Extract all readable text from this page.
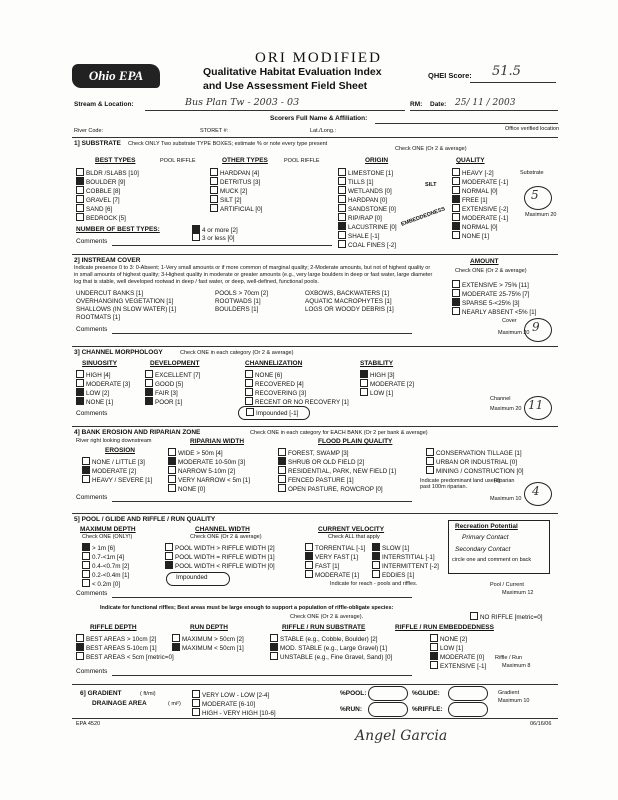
ORI MODIFIED
Ohio EPA	Qualitative Habitat Evaluation Index
and Use Assessment Field Sheet
QHEI Score: 51.5
Stream & Location:	Bus Plan Tw - 2003 - 03	RM: Date: 25/ 11 / 2003
Scorers Full Name & Affiliation:
River Code:	STORET #:	Lat./Long.:	Office verified location
1] SUBSTRATE Check ONLY Two substrate TYPE BOXES; estimate % or note every type present
BEST TYPES	POOL RIFFLE	OTHER TYPES	POOL RIFFLE	ORIGIN	QUALITY
Check ONE (Or 2 & average)
BLDR /SLABS [10]
BOULDER [9]
COBBLE [8]
GRAVEL [7]
SAND [6]
BEDROCK [5]
HARDPAN [4]
DETRITUS [3]
MUCK [2]
SILT [2]
ARTIFICIAL [0]
LIMESTONE [1]
TILLS [1]
WETLANDS [0]
HARDPAN [0]
SANDSTONE [0]
RIP/RAP [0]
LACUSTRINE [0]
SHALE [-1]
COAL FINES [-2]
SILT
EMBEDDEDNESS
HEAVY [-2]
MODERATE [-1]
NORMAL [0]
FREE [1]
EXTENSIVE [-2]
MODERATE [-1]
NORMAL [0]
NONE [1]
NUMBER OF BEST TYPES:	4 or more [2]
3 or less [0]
Comments
Substrate
5
Maximum 20
2] INSTREAM COVER
Indicate presence 0 to 3: 0-Absent; 1-Very small amounts or if more common of marginal quality; 2-Moderate amounts, but not of highest quality or in small amounts of highest quality; 3-Highest quality in moderate or greater amounts (e.g., very large boulders in deep or fast water, large diameter log that is stable, well developed rootwad in deep / fast water, or deep, well-defined, functional pools.
AMOUNT
Check ONE (Or 2 & average)
UNDERCUT BANKS [1]
OVERHANGING VEGETATION [1]
SHALLOWS (IN SLOW WATER) [1]
ROOTMATS [1]
POOLS > 70cm [2]
ROOTWADS [1]
BOULDERS [1]
OXBOWS, BACKWATERS [1]
AQUATIC MACROPHYTES [1]
LOGS OR WOODY DEBRIS [1]
EXTENSIVE > 75% [11]
MODERATE 25-75% [7]
SPARSE 5-<25% [3]
NEARLY ABSENT <5% [1]
Comments
Cover 9
Maximum 20
3] CHANNEL MORPHOLOGY	Check ONE in each category (Or 2 & average)
SINUOSITY	DEVELOPMENT	CHANNELIZATION	STABILITY
HIGH [4]
MODERATE [3]
LOW [2]
NONE [1]
EXCELLENT [7]
GOOD [5]
FAIR [3]
POOR [1]
NONE [6]
RECOVERED [4]
RECOVERING [3]
RECENT OR NO RECOVERY [1]
HIGH [3]
MODERATE [2]
LOW [1]
Impounded [-1]
Comments
Channel 11
Maximum 20
4] BANK EROSION AND RIPARIAN ZONE	Check ONE in each category for EACH BANK (Or 2 per bank & average)
River right looking downstream
EROSION
RIPARIAN WIDTH	FLOOD PLAIN QUALITY
NONE / LITTLE [3]
MODERATE [2]
HEAVY / SEVERE [1]
WIDE > 50m [4]
MODERATE 10-50m [3]
NARROW 5-10m [2]
VERY NARROW < 5m [1]
NONE [0]
FOREST, SWAMP [3]
SHRUB OR OLD FIELD [2]
RESIDENTIAL, PARK, NEW FIELD [1]
FENCED PASTURE [1]
OPEN PASTURE, ROWCROP [0]
CONSERVATION TILLAGE [1]
URBAN OR INDUSTRIAL [0]
MINING / CONSTRUCTION [0]
Indicate predominant land use(s) past 100m riparian.
Comments
Riparian
4
Maximum 10
5] POOL / GLIDE AND RIFFLE / RUN QUALITY
MAXIMUM DEPTH
Check ONE (ONLY!)
CHANNEL WIDTH
Check ONE (Or 2 & average)
CURRENT VELOCITY
Check ALL that apply
> 1m [6]
0.7-<1m [4]
0.4-<0.7m [2]
0.2-<0.4m [1]
< 0.2m [0]
POOL WIDTH > RIFFLE WIDTH [2]
POOL WIDTH = RIFFLE WIDTH [1]
POOL WIDTH < RIFFLE WIDTH [0]
Impounded
TORRENTIAL [-1]
VERY FAST [1]
FAST [1]
MODERATE [1]
SLOW [1]
INTERSTITIAL [-1]
INTERMITTENT [-2]
EDDIES [1]
Indicate for reach - pools and riffles.
Recreation Potential
Primary Contact
Secondary Contact
circle one and comment on back
Comments
Pool / Current
Maximum 12
Indicate for functional riffles; Best areas must be large enough to support a population of riffle-obligate species:
Check ONE (Or 2 & average).	NO RIFFLE [metric=0]
RIFFLE DEPTH	RUN DEPTH	RIFFLE / RUN SUBSTRATE	RIFFLE / RUN EMBEDDEDNESS
BEST AREAS > 10cm [2]
BEST AREAS 5-10cm [1]
BEST AREAS < 5cm [metric=0]
MAXIMUM > 50cm [2]
MAXIMUM < 50cm [1]
STABLE (e.g., Cobble, Boulder) [2]
MOD. STABLE (e.g., Large Gravel) [1]
UNSTABLE (e.g., Fine Gravel, Sand) [0]
NONE [2]
LOW [1]
MODERATE [0]
EXTENSIVE [-1]
Comments
Riffle / Run
Maximum 8
6] GRADIENT	( ft/mi)
DRAINAGE AREA	( mi²)
VERY LOW - LOW [2-4]
MODERATE [6-10]
HIGH - VERY HIGH [10-6]
%POOL:	%GLIDE:
%RUN:	%RIFFLE:
Gradient
Maximum 10
EPA 4520	06/16/06
Angel Garcia
